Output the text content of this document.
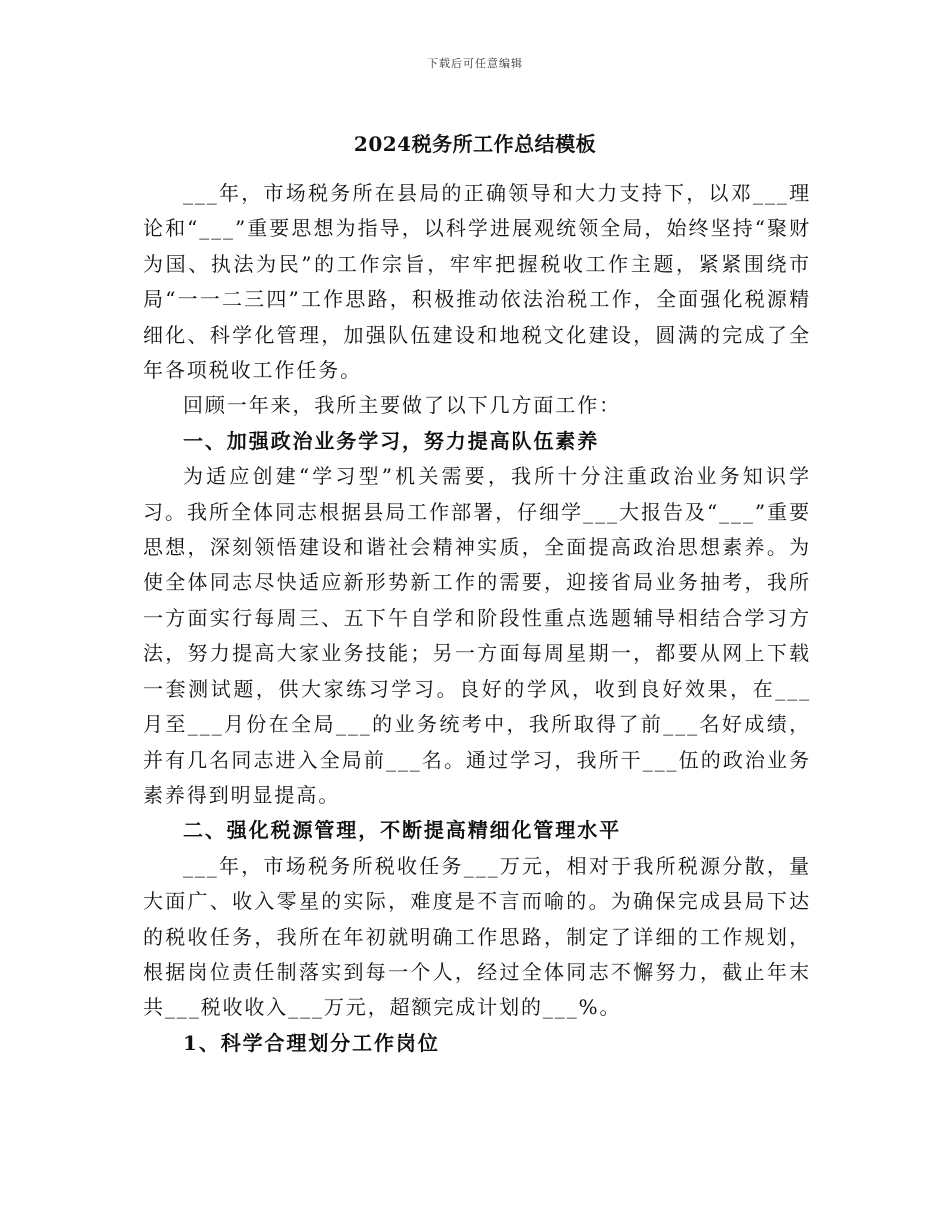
下载后可任意编辑
2024税务所工作总结模板

___年，市场税务所在县局的正确领导和大力支持下，以邓___理论和“___”重要思想为指导，以科学进展观统领全局，始终坚持“聚财为国、执法为民”的工作宗旨，牢牢把握税收工作主题，紧紧围绕市局“一一二三四”工作思路，积极推动依法治税工作，全面强化税源精细化、科学化管理，加强队伍建设和地税文化建设，圆满的完成了全年各项税收工作任务。

回顾一年来，我所主要做了以下几方面工作：

一、加强政治业务学习，努力提高队伍素养

为适应创建“学习型”机关需要，我所十分注重政治业务知识学习。我所全体同志根据县局工作部署，仔细学___大报告及“___”重要思想，深刻领悟建设和谐社会精神实质，全面提高政治思想素养。为使全体同志尽快适应新形势新工作的需要，迎接省局业务抽考，我所一方面实行每周三、五下午自学和阶段性重点选题辅导相结合学习方法，努力提高大家业务技能；另一方面每周星期一，都要从网上下载一套测试题，供大家练习学习。良好的学风，收到良好效果，在___月至___月份在全局___的业务统考中，我所取得了前___名好成绩，并有几名同志进入全局前___名。通过学习，我所干___伍的政治业务素养得到明显提高。

二、强化税源管理，不断提高精细化管理水平

___年，市场税务所税收任务___万元，相对于我所税源分散，量大面广、收入零星的实际，难度是不言而喻的。为确保完成县局下达的税收任务，我所在年初就明确工作思路，制定了详细的工作规划，根据岗位责任制落实到每一个人，经过全体同志不懈努力，截止年末共___税收收入___万元，超额完成计划的___%。

1、科学合理划分工作岗位
